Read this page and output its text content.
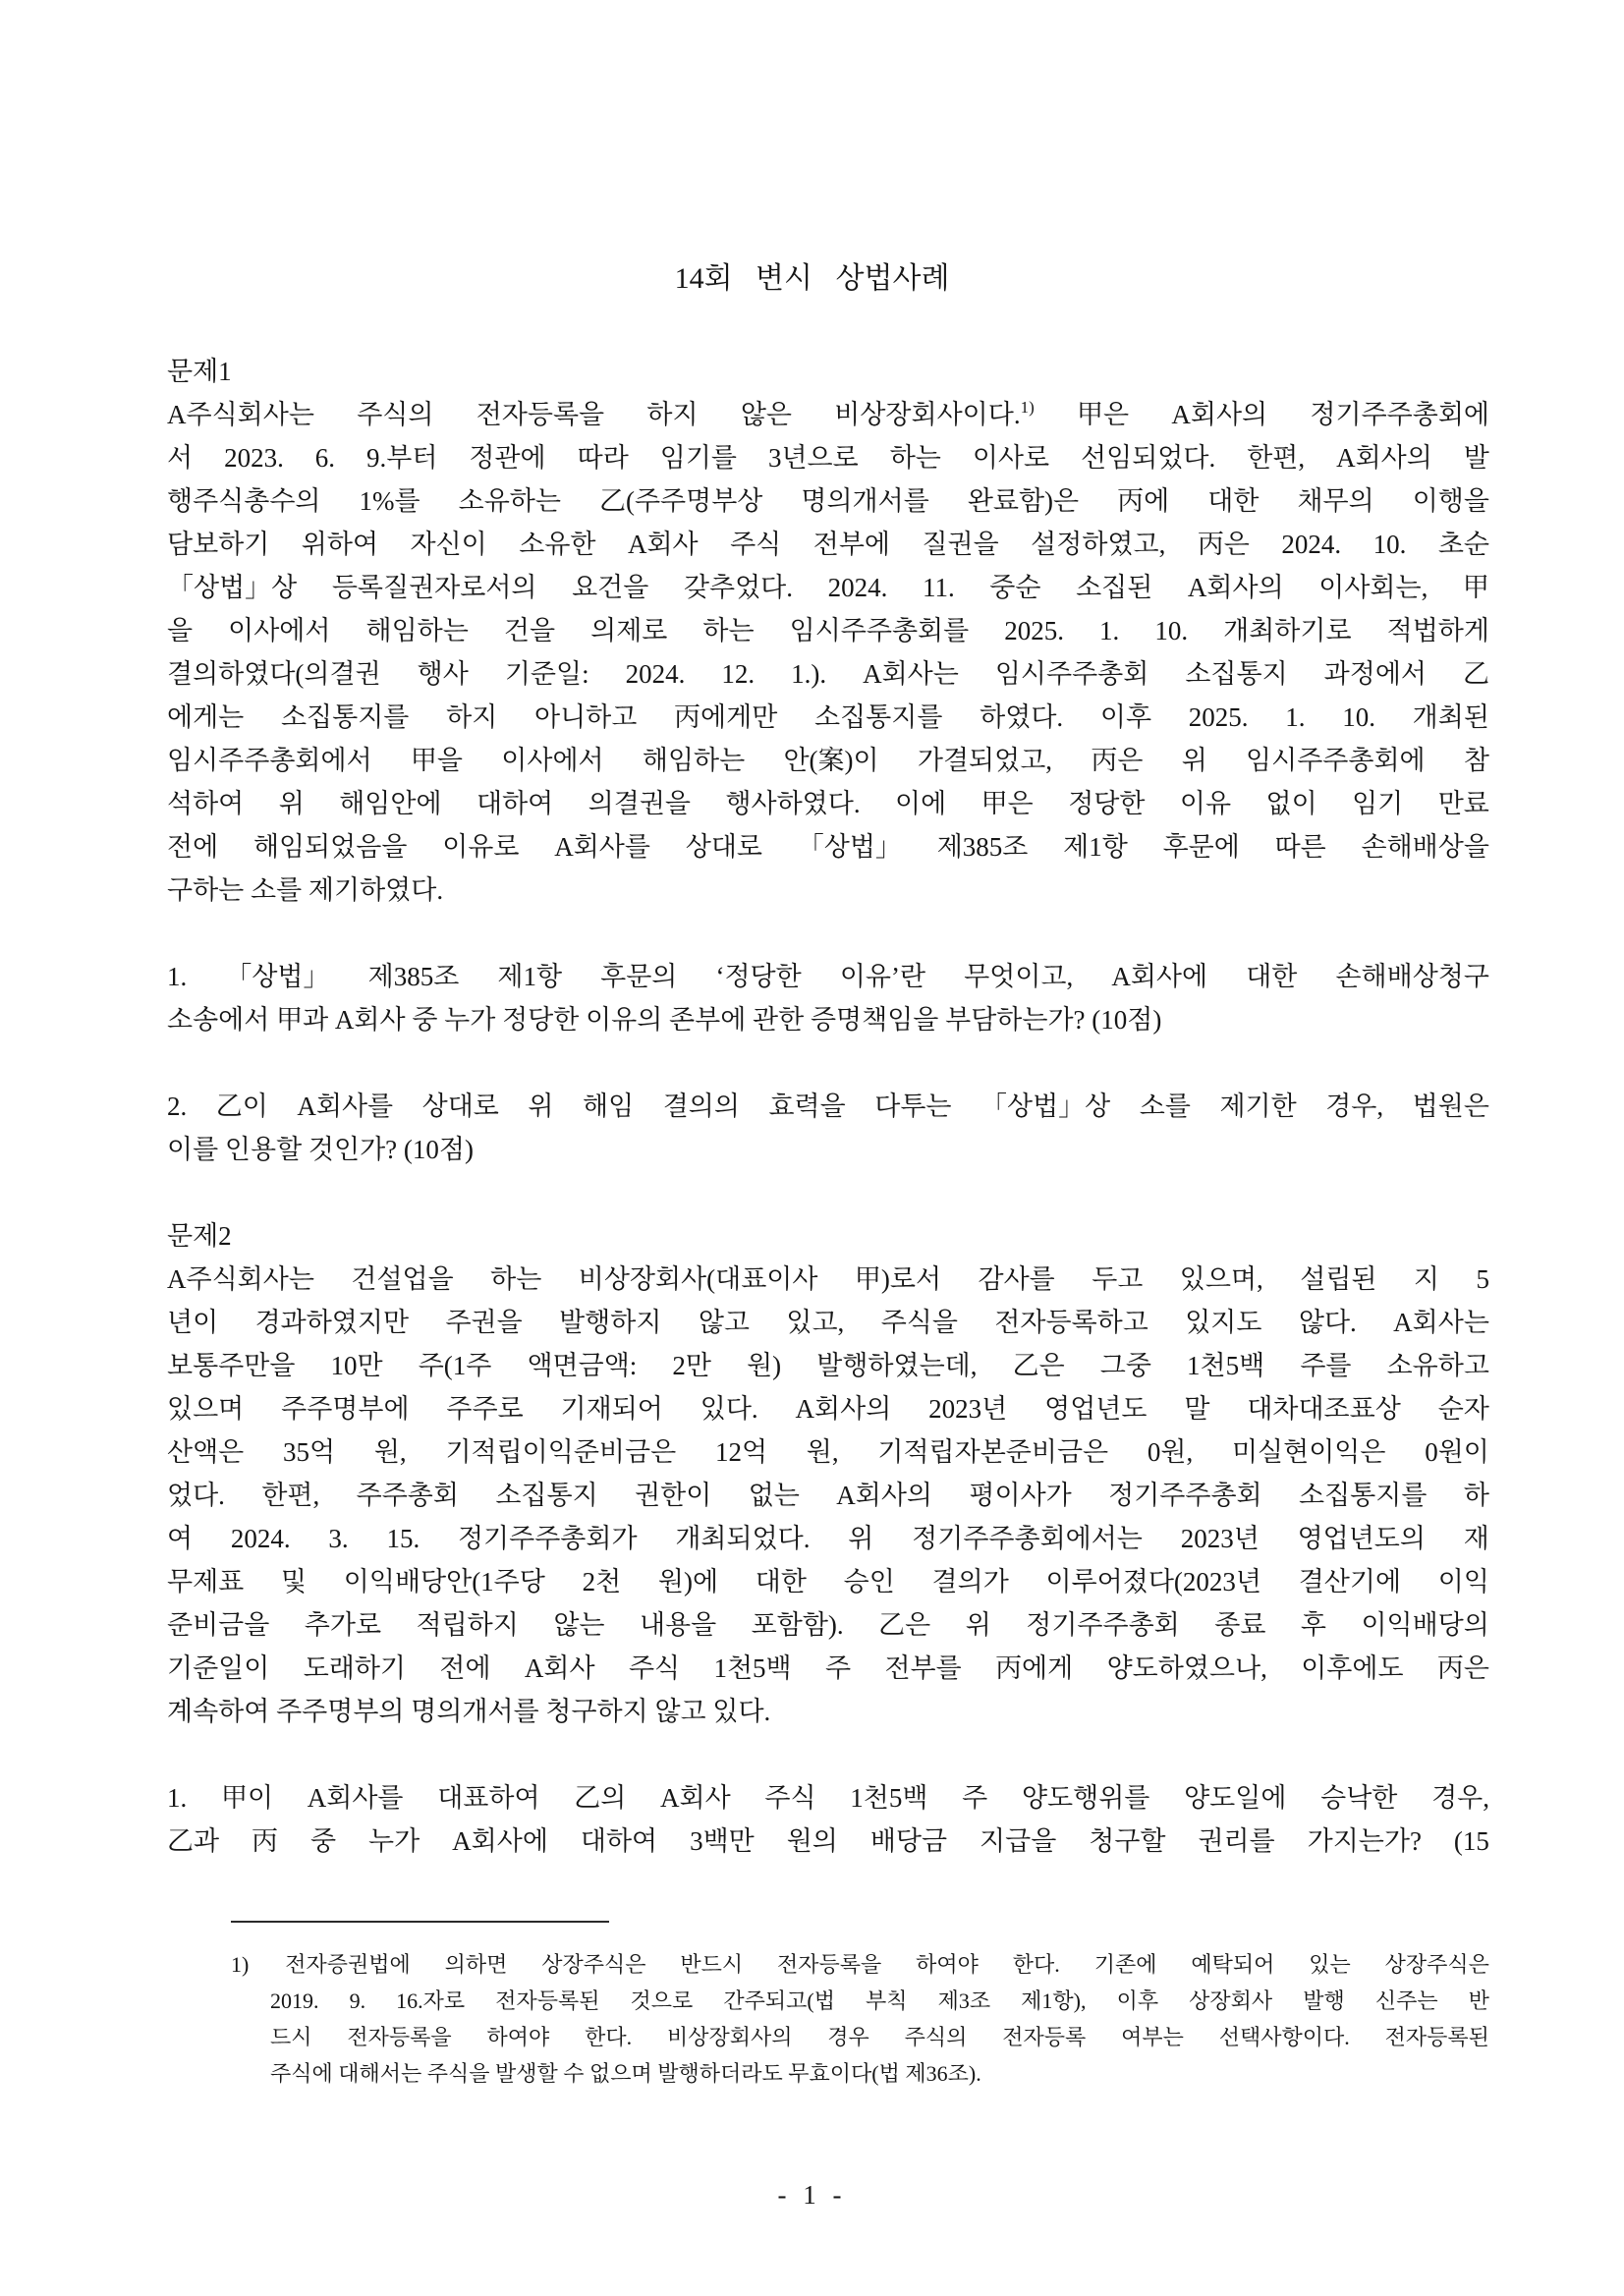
14회 변시 상법사례
문제1
A주식회사는 주식의 전자등록을 하지 않은 비상장회사이다.$^{1)}$ 甲은 A회사의 정기주주총회에
서 2023. 6. 9.부터 정관에 따라 임기를 3년으로 하는 이사로 선임되었다. 한편, A회사의 발
행주식총수의 1%를 소유하는 乙(주주명부상 명의개서를 완료함)은 丙에 대한 채무의 이행을
담보하기 위하여 자신이 소유한 A회사 주식 전부에 질권을 설정하였고, 丙은 2024. 10. 초순
「상법」상 등록질권자로서의 요건을 갖추었다. 2024. 11. 중순 소집된 A회사의 이사회는, 甲
을 이사에서 해임하는 건을 의제로 하는 임시주주총회를 2025. 1. 10. 개최하기로 적법하게
결의하였다(의결권 행사 기준일: 2024. 12. 1.). A회사는 임시주주총회 소집통지 과정에서 乙
에게는 소집통지를 하지 아니하고 丙에게만 소집통지를 하였다. 이후 2025. 1. 10. 개최된
임시주주총회에서 甲을 이사에서 해임하는 안(案)이 가결되었고, 丙은 위 임시주주총회에 참
석하여 위 해임안에 대하여 의결권을 행사하였다. 이에 甲은 정당한 이유 없이 임기 만료
전에 해임되었음을 이유로 A회사를 상대로 「상법」 제385조 제1항 후문에 따른 손해배상을
구하는 소를 제기하였다.
1. 「상법」 제385조 제1항 후문의 ‘정당한 이유’란 무엇이고, A회사에 대한 손해배상청구
소송에서 甲과 A회사 중 누가 정당한 이유의 존부에 관한 증명책임을 부담하는가? (10점)
2. 乙이 A회사를 상대로 위 해임 결의의 효력을 다투는 「상법」상 소를 제기한 경우, 법원은
이를 인용할 것인가? (10점)
문제2
A주식회사는 건설업을 하는 비상장회사(대표이사 甲)로서 감사를 두고 있으며, 설립된 지 5
년이 경과하였지만 주권을 발행하지 않고 있고, 주식을 전자등록하고 있지도 않다. A회사는
보통주만을 10만 주(1주 액면금액: 2만 원) 발행하였는데, 乙은 그중 1천5백 주를 소유하고
있으며 주주명부에 주주로 기재되어 있다. A회사의 2023년 영업년도 말 대차대조표상 순자
산액은 35억 원, 기적립이익준비금은 12억 원, 기적립자본준비금은 0원, 미실현이익은 0원이
었다. 한편, 주주총회 소집통지 권한이 없는 A회사의 평이사가 정기주주총회 소집통지를 하
여 2024. 3. 15. 정기주주총회가 개최되었다. 위 정기주주총회에서는 2023년 영업년도의 재
무제표 및 이익배당안(1주당 2천 원)에 대한 승인 결의가 이루어졌다(2023년 결산기에 이익
준비금을 추가로 적립하지 않는 내용을 포함함). 乙은 위 정기주주총회 종료 후 이익배당의
기준일이 도래하기 전에 A회사 주식 1천5백 주 전부를 丙에게 양도하였으나, 이후에도 丙은
계속하여 주주명부의 명의개서를 청구하지 않고 있다.
1. 甲이 A회사를 대표하여 乙의 A회사 주식 1천5백 주 양도행위를 양도일에 승낙한 경우,
乙과 丙 중 누가 A회사에 대하여 3백만 원의 배당금 지급을 청구할 권리를 가지는가? (15
1) 전자증권법에 의하면 상장주식은 반드시 전자등록을 하여야 한다. 기존에 예탁되어 있는 상장주식은
2019. 9. 16.자로 전자등록된 것으로 간주되고(법 부칙 제3조 제1항), 이후 상장회사 발행 신주는 반
드시 전자등록을 하여야 한다. 비상장회사의 경우 주식의 전자등록 여부는 선택사항이다. 전자등록된
주식에 대해서는 주식을 발생할 수 없으며 발행하더라도 무효이다(법 제36조).
- 1 -
